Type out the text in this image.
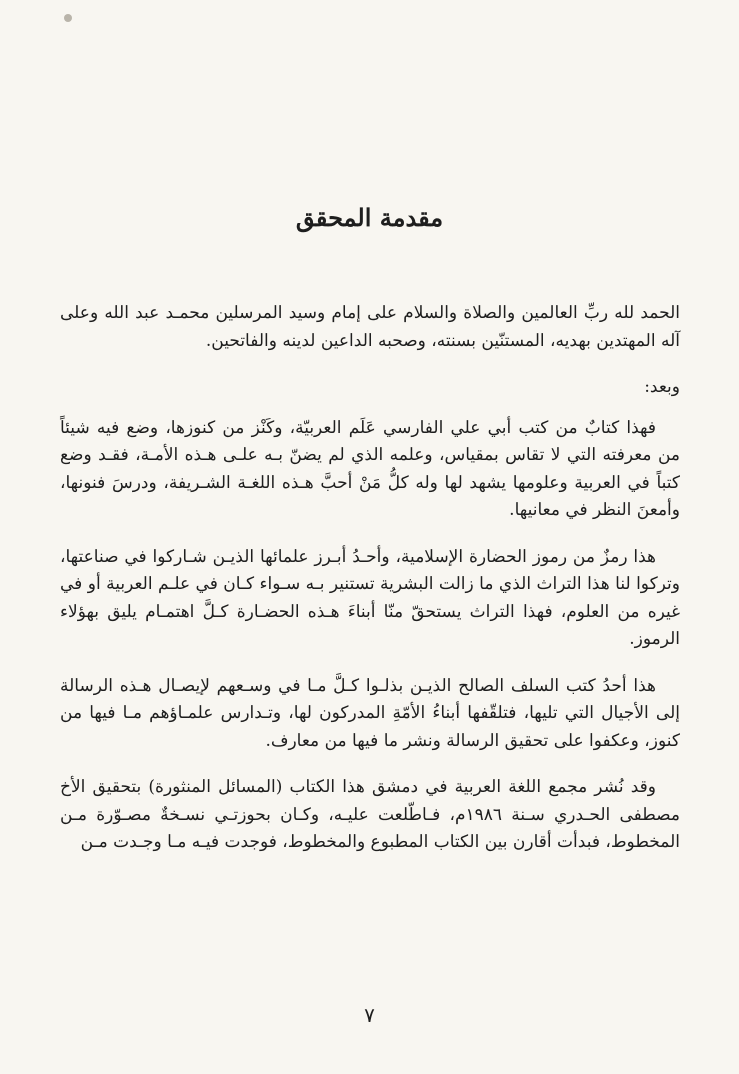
مقدمة المحقق

الحمد لله ربِّ العالمين والصلاة والسلام على إمام وسيد المرسلين محمـد عبد الله وعلى آله المهتدين بهديه، المستنّين بسنته، وصحبه الداعين لدينه والفاتحين.

وبعد:

فهذا كتابٌ من كتب أبي علي الفارسي عَلَم العربيّة، وكَنْز من كنوزها، وضع فيه شيئاً من معرفته التي لا تقاس بمقياس، وعلمه الذي لم يضنّ بـه علـى هـذه الأمـة، فقـد وضع كتباً في العربية وعلومها يشهد لها وله كلُّ مَنْ أحبَّ هـذه اللغـة الشـريفة، ودرسَ فنونها، وأمعنَ النظر في معانيها.

هذا رمزٌ من رموز الحضارة الإسلامية، وأحـدُ أبـرز علمائها الذيـن شـاركوا في صناعتها، وتركوا لنا هذا التراث الذي ما زالت البشرية تستنير بـه سـواء كـان في علـم العربية أو في غيره من العلوم، فهذا التراث يستحقّ منّا أبناءَ هـذه الحضـارة كـلَّ اهتمـام يليق بهؤلاء الرموز.

هذا أحدُ كتب السلف الصالح الذيـن بذلـوا كـلَّ مـا في وسـعهم لإيصـال هـذه الرسالة إلى الأجيال التي تليها، فتلقّفها أبناءُ الأمّةِ المدركون لها، وتـدارس علمـاؤهم مـا فيها من كنوز، وعكفوا على تحقيق الرسالة ونشر ما فيها من معارف.

وقد نُشر مجمع اللغة العربية في دمشق هذا الكتاب (المسائل المنثورة) بتحقيق الأخ مصطفى الحـدري سـنة ١٩٨٦م، فـاطّلعت عليـه، وكـان بحوزتـي نسـخةٌ مصـوّرة مـن المخطوط، فبدأت أقارن بين الكتاب المطبوع والمخطوط، فوجدت فيـه مـا وجـدت مـن

٧
